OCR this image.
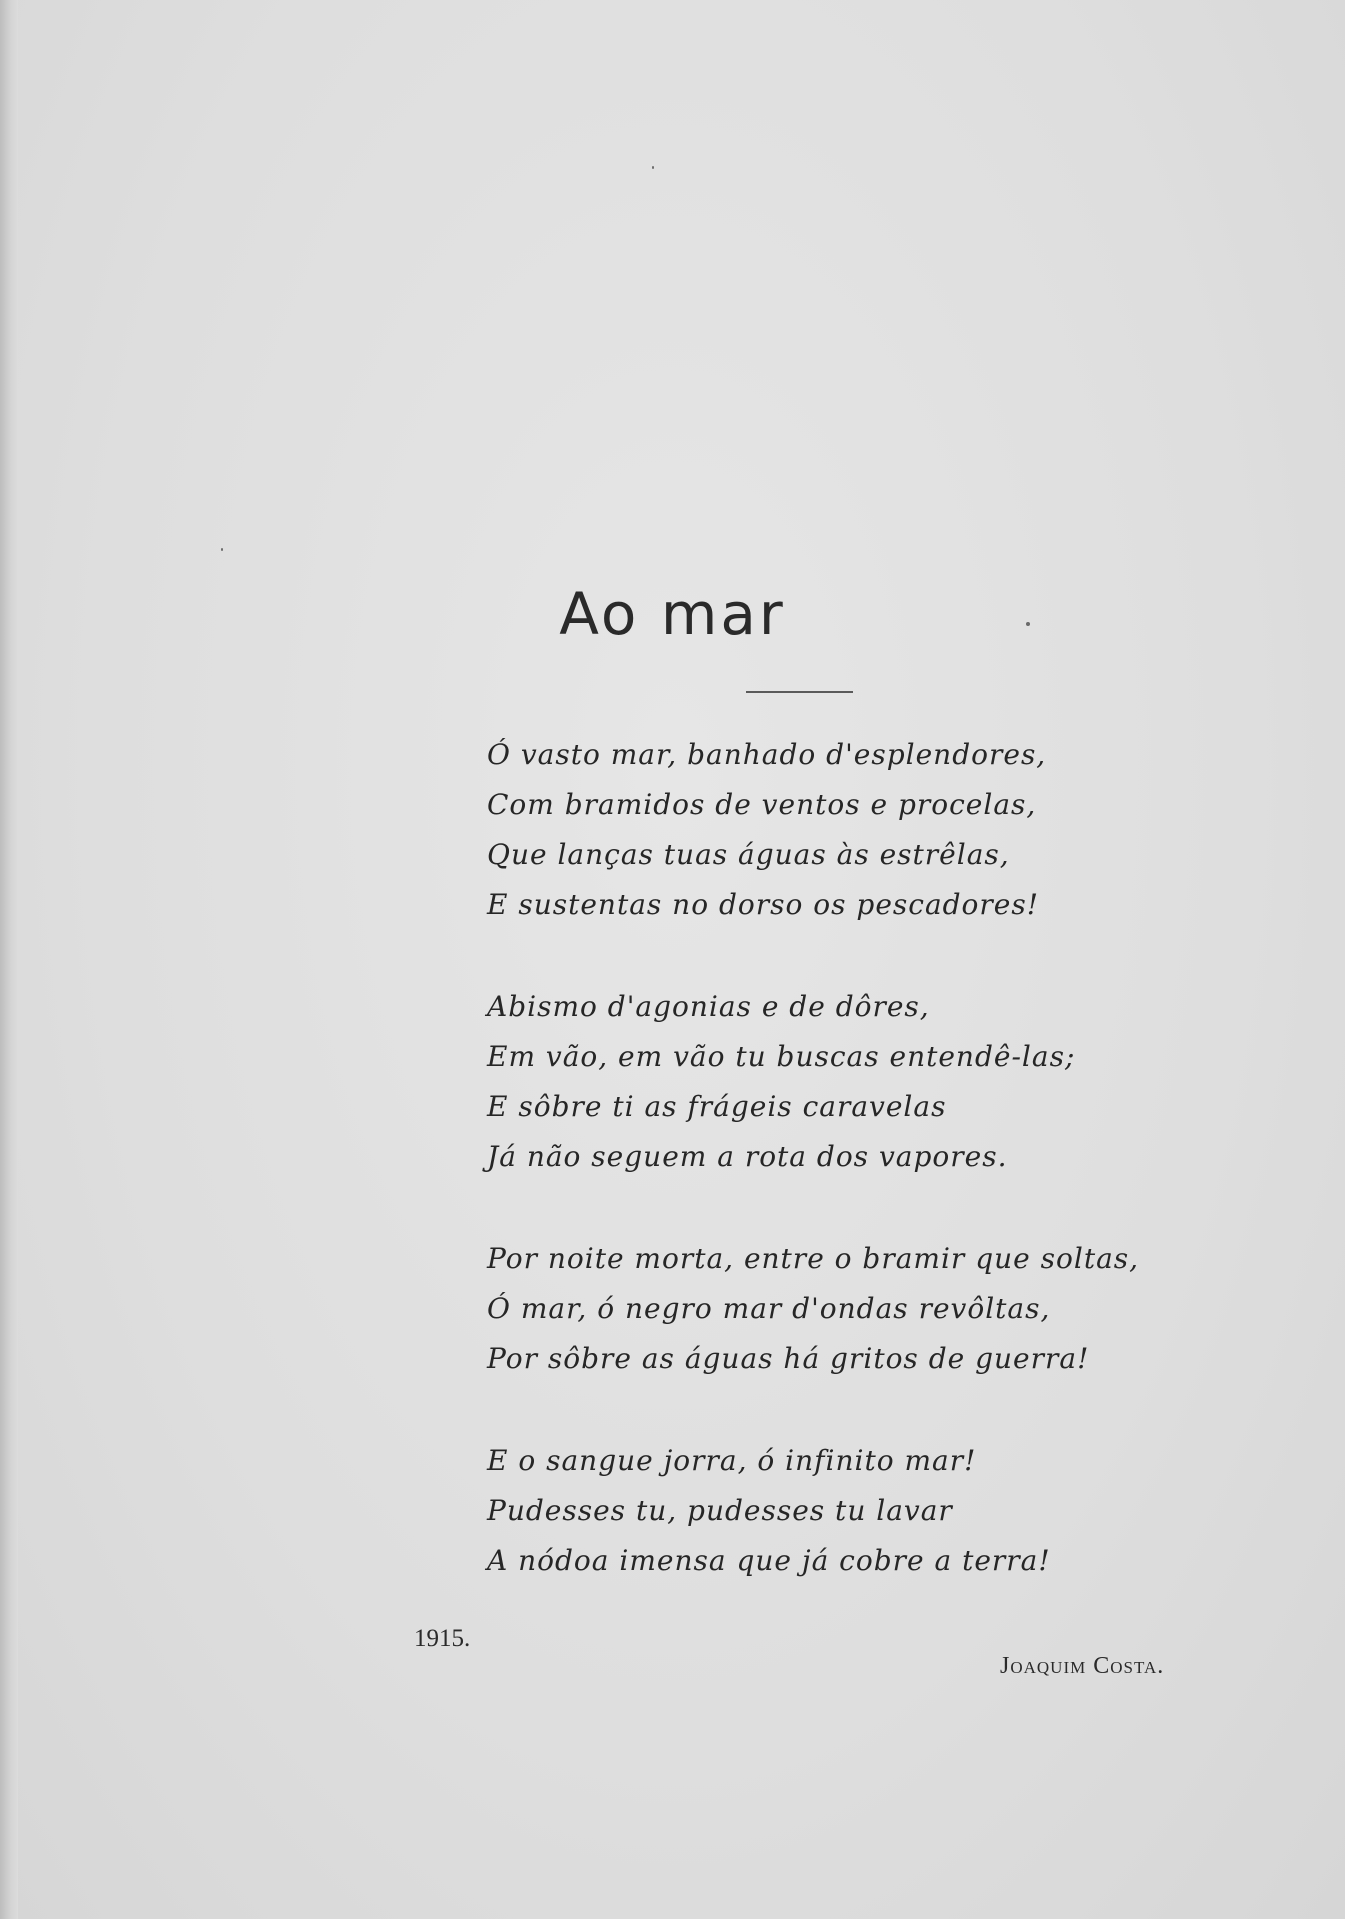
Ao mar
Ó vasto mar, banhado d'esplendores,
Com bramidos de ventos e procelas,
Que lanças tuas águas às estrêlas,
E sustentas no dorso os pescadores!
Abismo d'agonias e de dôres,
Em vão, em vão tu buscas entendê-las;
E sôbre ti as frágeis caravelas
Já não seguem a rota dos vapores.
Por noite morta, entre o bramir que soltas,
Ó mar, ó negro mar d'ondas revôltas,
Por sôbre as águas há gritos de guerra!
E o sangue jorra, ó infinito mar!
Pudesses tu, pudesses tu lavar
A nódoa imensa que já cobre a terra!
1915.
Joaquim Costa.
